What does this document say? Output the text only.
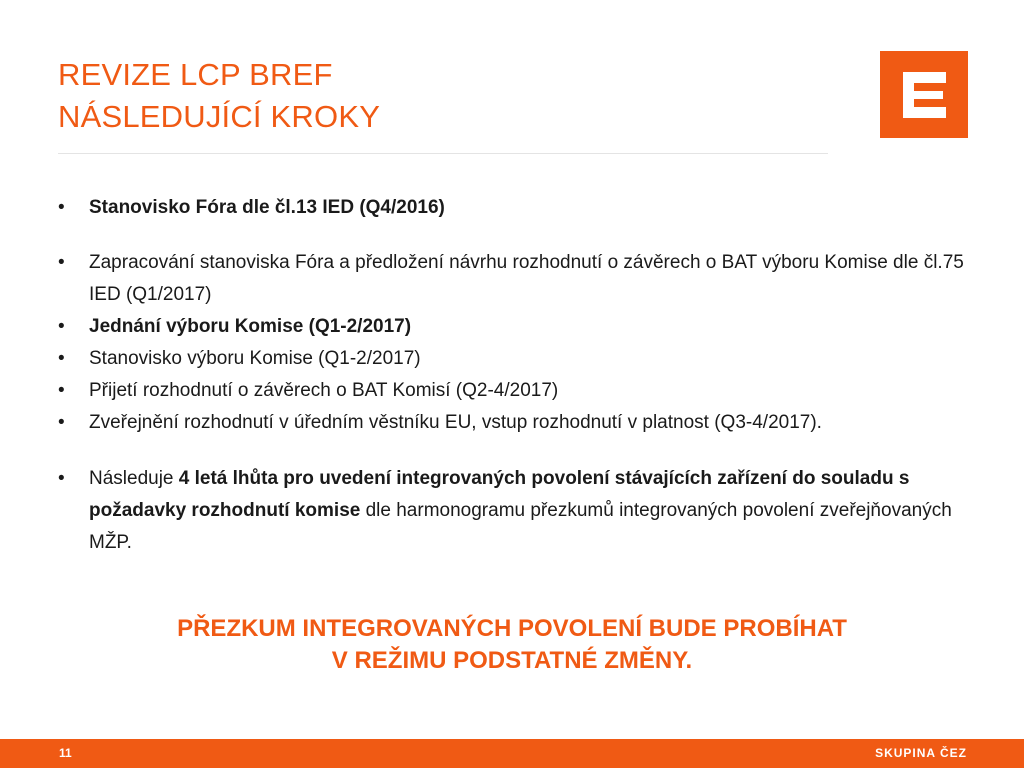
REVIZE LCP BREF
NÁSLEDUJÍCÍ KROKY
• Stanovisko Fóra dle čl.13 IED (Q4/2016)
• Zapracování stanoviska Fóra a předložení návrhu rozhodnutí o závěrech o BAT výboru Komise dle čl.75 IED (Q1/2017)
• Jednání výboru Komise (Q1-2/2017)
• Stanovisko výboru Komise (Q1-2/2017)
• Přijetí rozhodnutí o závěrech o BAT Komisí (Q2-4/2017)
• Zveřejnění rozhodnutí v úředním věstníku EU, vstup rozhodnutí v platnost (Q3-4/2017).
• Následuje 4 letá lhůta pro uvedení integrovaných povolení stávajících zařízení do souladu s požadavky rozhodnutí komise dle harmonogramu přezkumů integrovaných povolení zveřejňovaných MŽP.
PŘEZKUM INTEGROVANÝCH POVOLENÍ BUDE PROBÍHAT
V REŽIMU PODSTATNÉ ZMĚNY.
11	SKUPINA ČEZ
